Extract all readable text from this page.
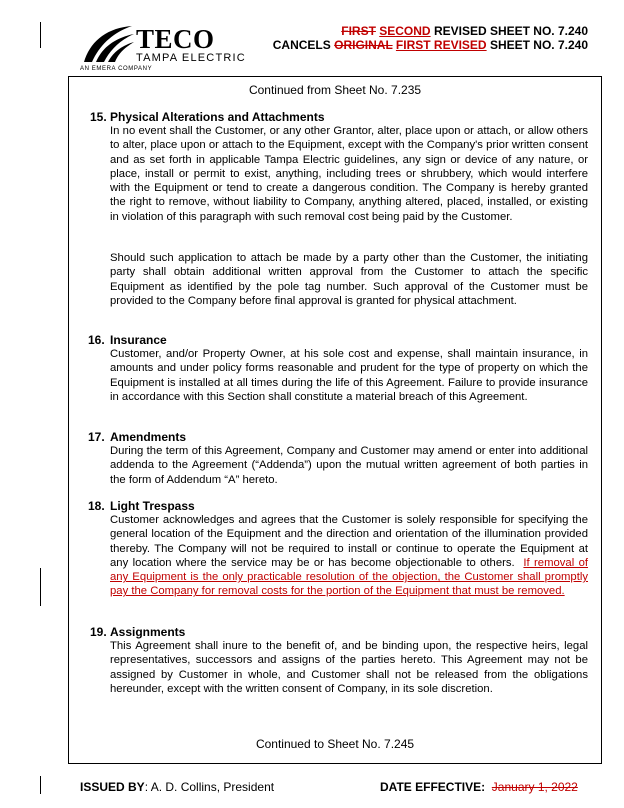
TECO
TAMPA ELECTRIC
AN EMERA COMPANY
FIRST SECOND REVISED SHEET NO. 7.240
CANCELS ORIGINAL FIRST REVISED SHEET NO. 7.240
Continued from Sheet No. 7.235
15. Physical Alterations and Attachments

In no event shall the Customer, or any other Grantor, alter, place upon or attach, or allow others to alter, place upon or attach to the Equipment, except with the Company's prior written consent and as set forth in applicable Tampa Electric guidelines, any sign or device of any nature, or place, install or permit to exist, anything, including trees or shrubbery, which would interfere with the Equipment or tend to create a dangerous condition. The Company is hereby granted the right to remove, without liability to Company, anything altered, placed, installed, or existing in violation of this paragraph with such removal cost being paid by the Customer.

Should such application to attach be made by a party other than the Customer, the initiating party shall obtain additional written approval from the Customer to attach the specific Equipment as identified by the pole tag number. Such approval of the Customer must be provided to the Company before final approval is granted for physical attachment.

16. Insurance

Customer, and/or Property Owner, at his sole cost and expense, shall maintain insurance, in amounts and under policy forms reasonable and prudent for the type of property on which the Equipment is installed at all times during the life of this Agreement. Failure to provide insurance in accordance with this Section shall constitute a material breach of this Agreement.

17. Amendments

During the term of this Agreement, Company and Customer may amend or enter into additional addenda to the Agreement (“Addenda”) upon the mutual written agreement of both parties in the form of Addendum “A” hereto.

18. Light Trespass

Customer acknowledges and agrees that the Customer is solely responsible for specifying the general location of the Equipment and the direction and orientation of the illumination provided thereby. The Company will not be required to install or continue to operate the Equipment at any location where the service may be or has become objectionable to others. If removal of any Equipment is the only practicable resolution of the objection, the Customer shall promptly pay the Company for removal costs for the portion of the Equipment that must be removed.

19. Assignments

This Agreement shall inure to the benefit of, and be binding upon, the respective heirs, legal representatives, successors and assigns of the parties hereto. This Agreement may not be assigned by Customer in whole, and Customer shall not be released from the obligations hereunder, except with the written consent of Company, in its sole discretion.

Continued to Sheet No. 7.245
ISSUED BY: A. D. Collins, President	DATE EFFECTIVE: January 1, 2022
